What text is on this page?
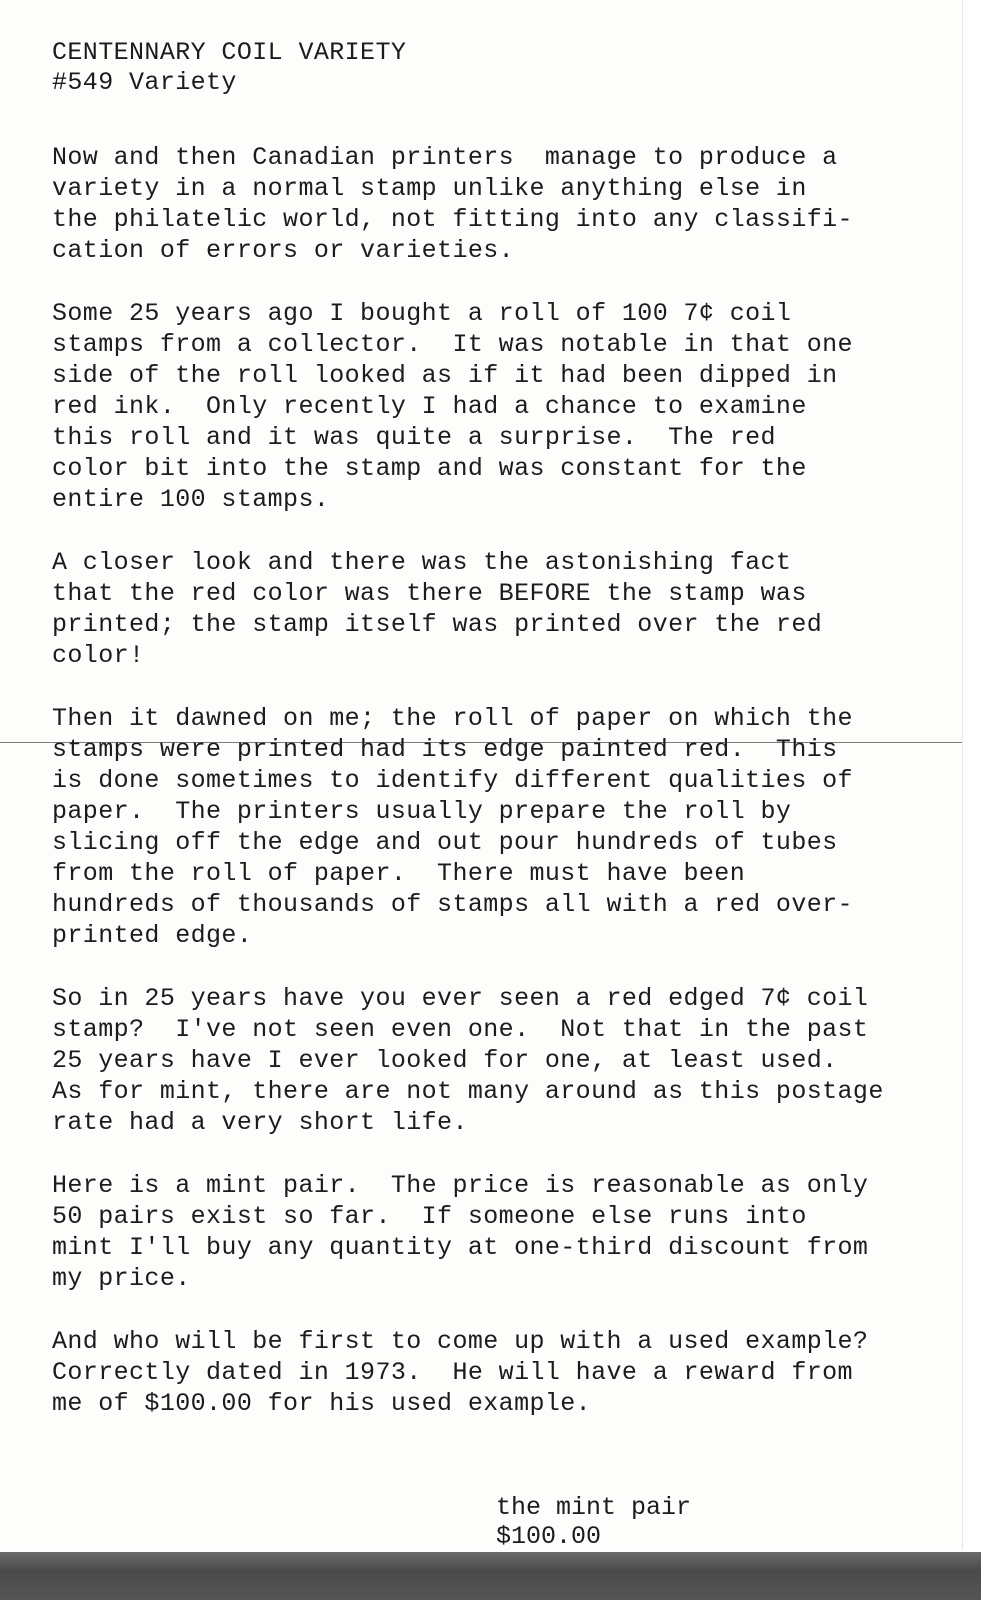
CENTENNARY COIL VARIETY
#549 Variety
Now and then Canadian printers  manage to produce a
variety in a normal stamp unlike anything else in
the philatelic world, not fitting into any classifi-
cation of errors or varieties.
Some 25 years ago I bought a roll of 100 7¢ coil
stamps from a collector.  It was notable in that one
side of the roll looked as if it had been dipped in
red ink.  Only recently I had a chance to examine
this roll and it was quite a surprise.  The red
color bit into the stamp and was constant for the
entire 100 stamps.
A closer look and there was the astonishing fact
that the red color was there BEFORE the stamp was
printed; the stamp itself was printed over the red
color!
Then it dawned on me; the roll of paper on which the
stamps were printed had its edge painted red.  This
is done sometimes to identify different qualities of
paper.  The printers usually prepare the roll by
slicing off the edge and out pour hundreds of tubes
from the roll of paper.  There must have been
hundreds of thousands of stamps all with a red over-
printed edge.
So in 25 years have you ever seen a red edged 7¢ coil
stamp?  I've not seen even one.  Not that in the past
25 years have I ever looked for one, at least used.
As for mint, there are not many around as this postage
rate had a very short life.
Here is a mint pair.  The price is reasonable as only
50 pairs exist so far.  If someone else runs into
mint I'll buy any quantity at one-third discount from
my price.
And who will be first to come up with a used example?
Correctly dated in 1973.  He will have a reward from
me of $100.00 for his used example.

the mint pair
$100.00
